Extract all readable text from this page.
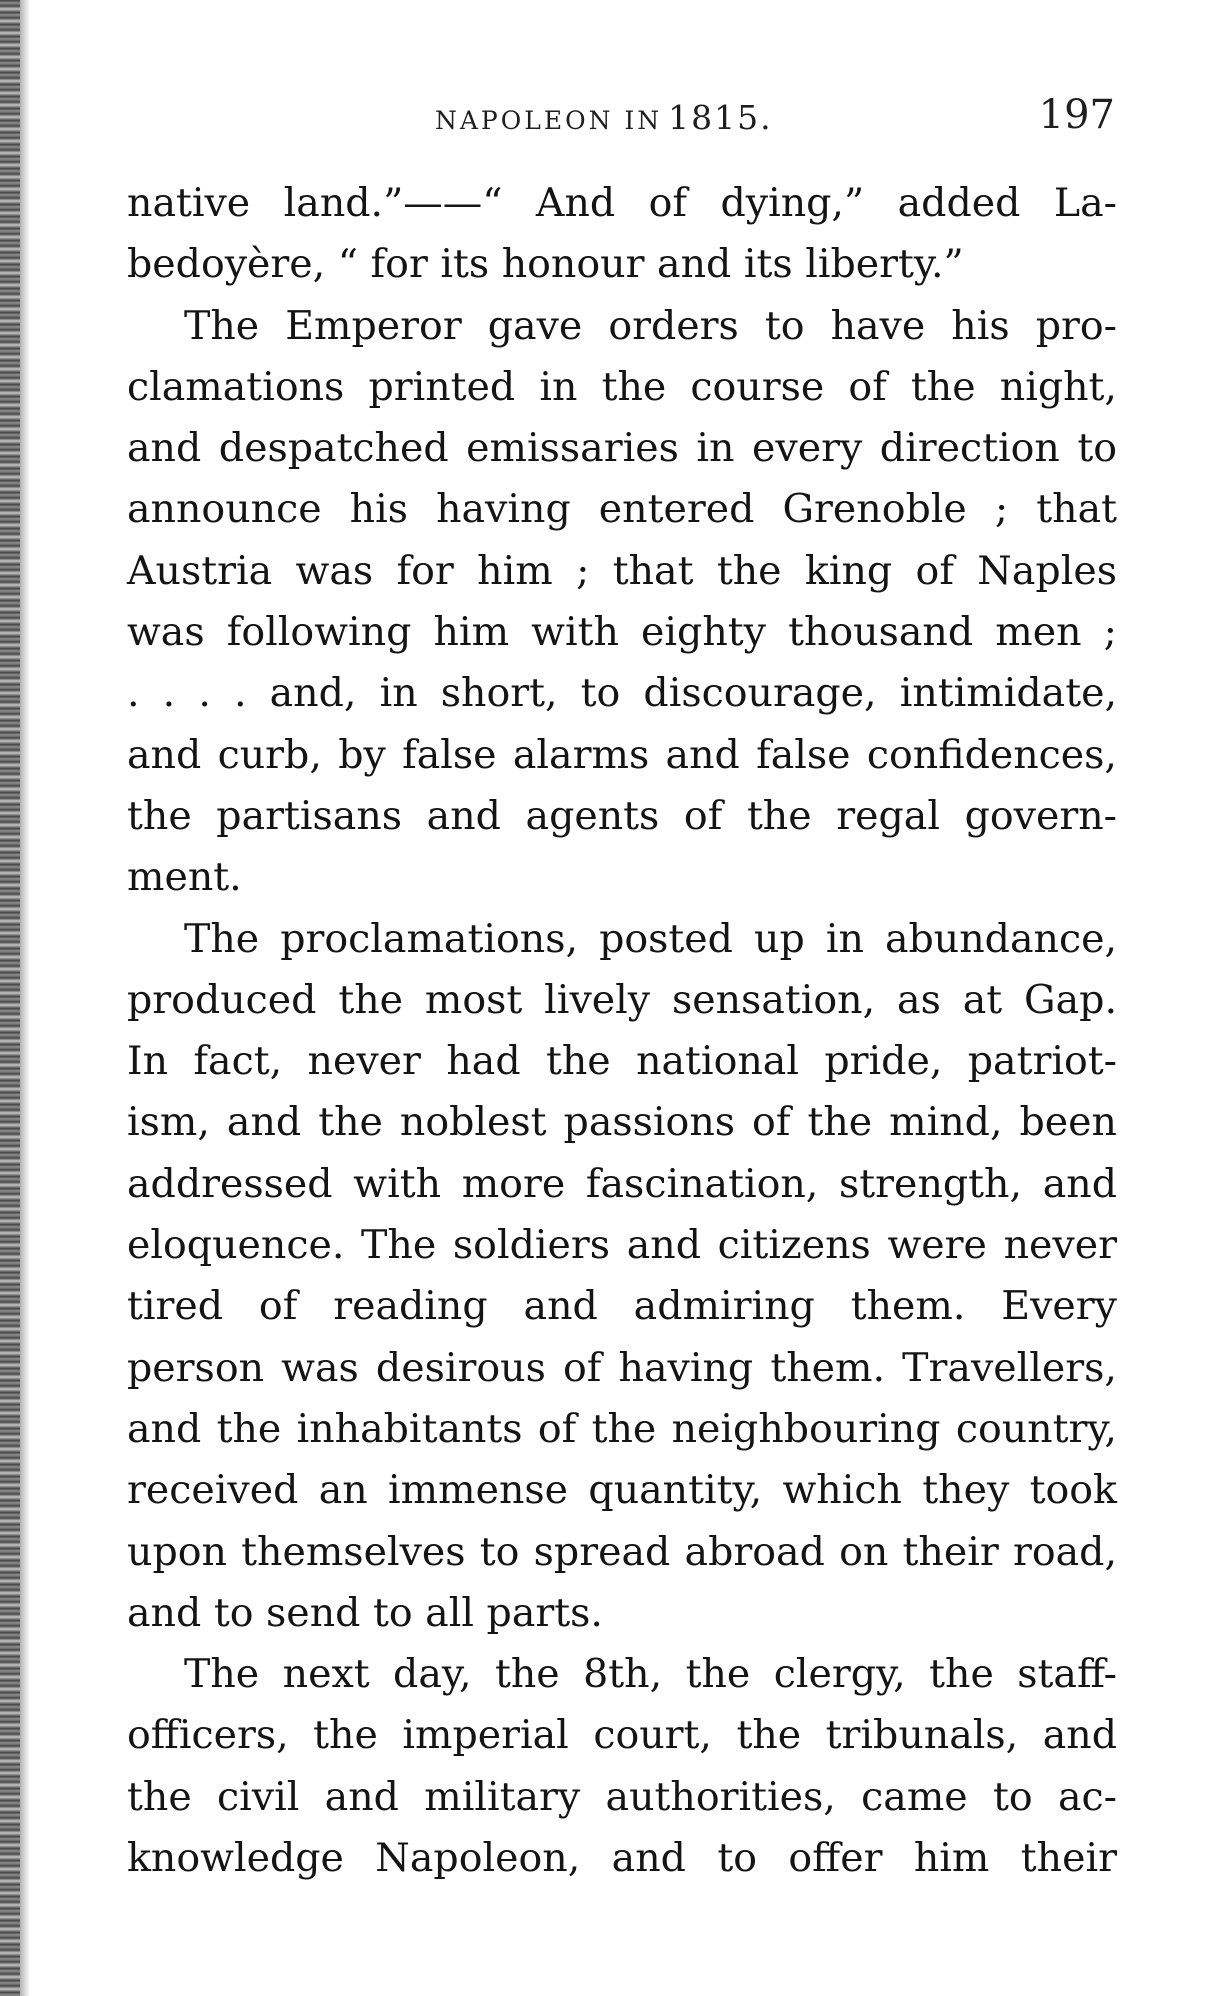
NAPOLEON IN 1815.	197
native land.”——“ And of dying,” added La-
bedoyère, “ for its honour and its liberty.”
The Emperor gave orders to have his pro-
clamations printed in the course of the night,
and despatched emissaries in every direction to
announce his having entered Grenoble ; that
Austria was for him ; that the king of Naples
was following him with eighty thousand men ;
. . . . and, in short, to discourage, intimidate,
and curb, by false alarms and false confidences,
the partisans and agents of the regal govern-
ment.
The proclamations, posted up in abundance,
produced the most lively sensation, as at Gap.
In fact, never had the national pride, patriot-
ism, and the noblest passions of the mind, been
addressed with more fascination, strength, and
eloquence. The soldiers and citizens were never
tired of reading and admiring them. Every
person was desirous of having them. Travellers,
and the inhabitants of the neighbouring country,
received an immense quantity, which they took
upon themselves to spread abroad on their road,
and to send to all parts.
The next day, the 8th, the clergy, the staff-
officers, the imperial court, the tribunals, and
the civil and military authorities, came to ac-
knowledge Napoleon, and to offer him their
